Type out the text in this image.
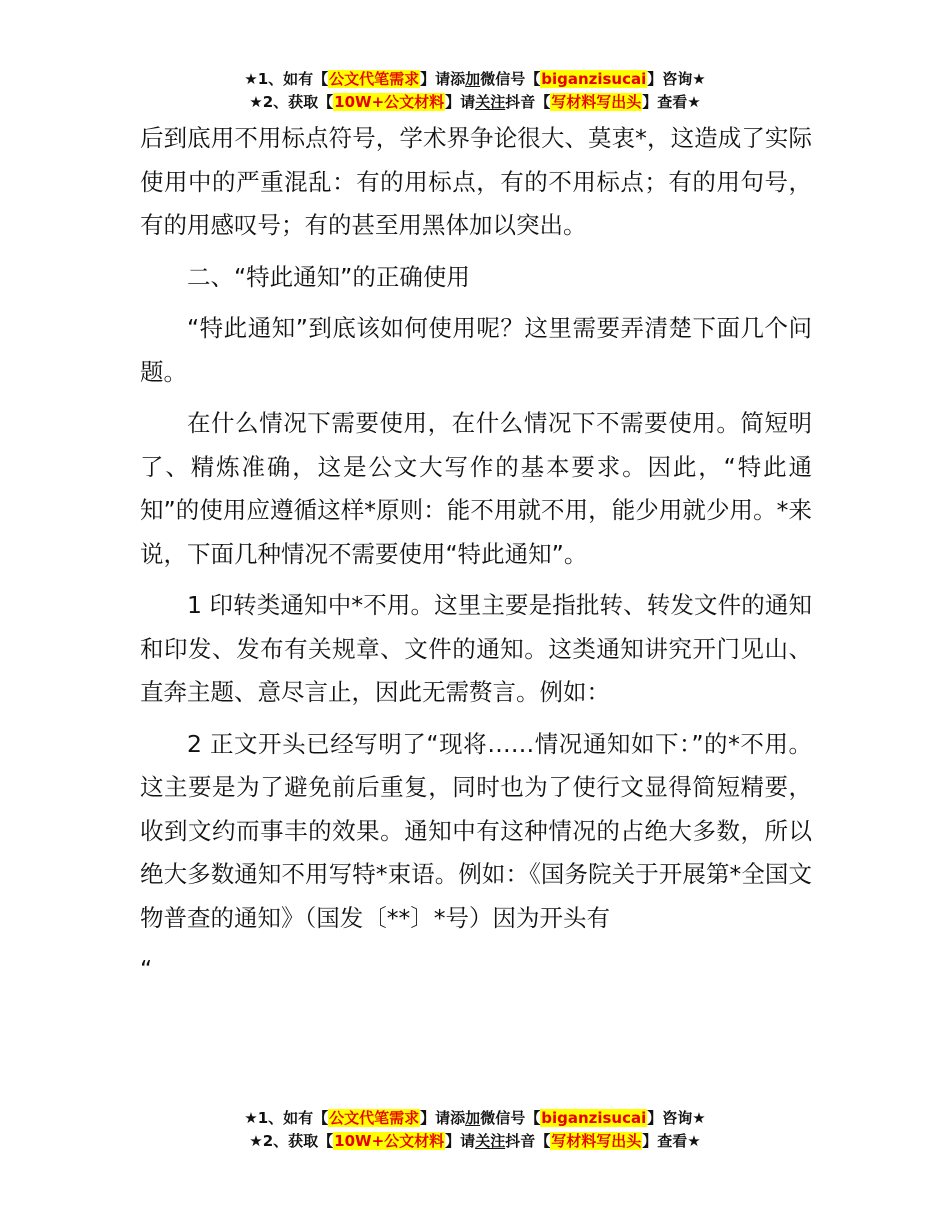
★1、如有【公文代笔需求】请添加微信号【biganzisucai】咨询★
★2、获取【10W+公文材料】请关注抖音【写材料写出头】查看★

后到底用不用标点符号，学术界争论很大、莫衷*，这造成了实际使用中的严重混乱：有的用标点，有的不用标点；有的用句号，有的用感叹号；有的甚至用黑体加以突出。

二、“特此通知”的正确使用

“特此通知”到底该如何使用呢？这里需要弄清楚下面几个问题。

在什么情况下需要使用，在什么情况下不需要使用。简短明了、精炼准确，这是公文大写作的基本要求。因此，“特此通知”的使用应遵循这样*原则：能不用就不用，能少用就少用。*来说，下面几种情况不需要使用“特此通知”。

1 印转类通知中*不用。这里主要是指批转、转发文件的通知和印发、发布有关规章、文件的通知。这类通知讲究开门见山、直奔主题、意尽言止，因此无需赘言。例如：

2 正文开头已经写明了“现将……情况通知如下：”的*不用。这主要是为了避免前后重复，同时也为了使行文显得简短精要，收到文约而事丰的效果。通知中有这种情况的占绝大多数，所以绝大多数通知不用写特*束语。例如：《国务院关于开展第*全国文物普查的通知》（国发〔**〕*号）因为开头有

“

★1、如有【公文代笔需求】请添加微信号【biganzisucai】咨询★
★2、获取【10W+公文材料】请关注抖音【写材料写出头】查看★
